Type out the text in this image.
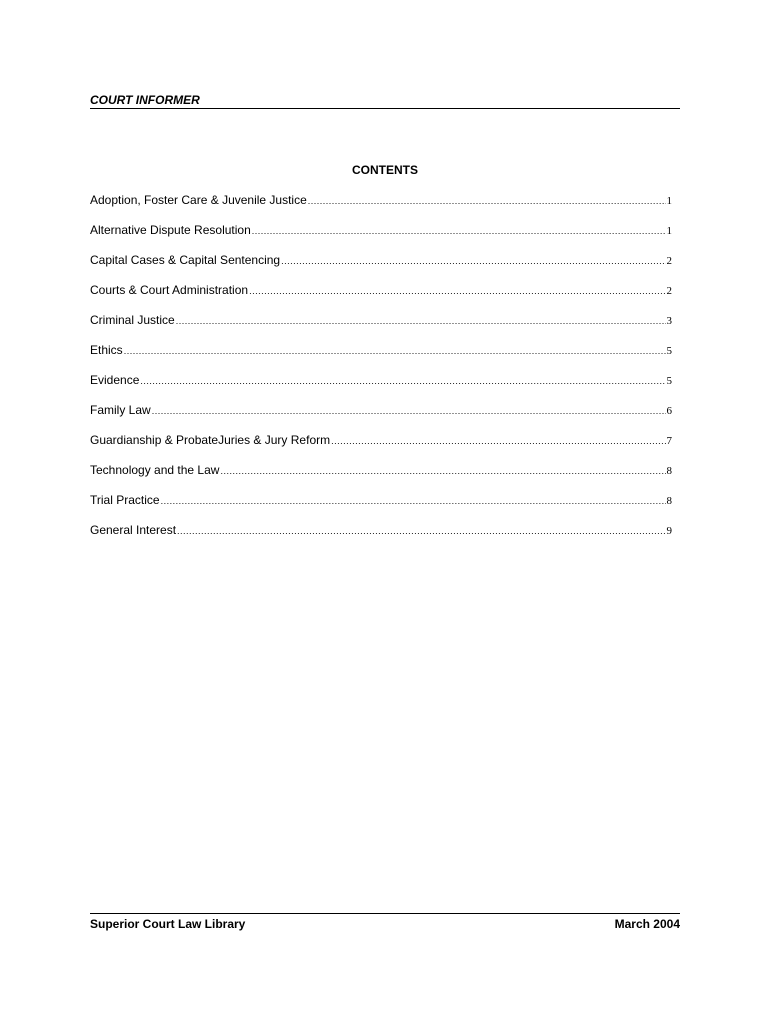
COURT INFORMER
CONTENTS
Adoption, Foster Care & Juvenile Justice .....	1
Alternative Dispute Resolution .....	1
Capital Cases & Capital Sentencing .....	2
Courts & Court Administration .....	2
Criminal Justice .....	3
Ethics .....	5
Evidence .....	5
Family Law .....	6
Guardianship & ProbateJuries & Jury Reform .....	7
Technology and the Law .....	8
Trial Practice .....	8
General Interest .....	9
Superior Court Law Library	March 2004
